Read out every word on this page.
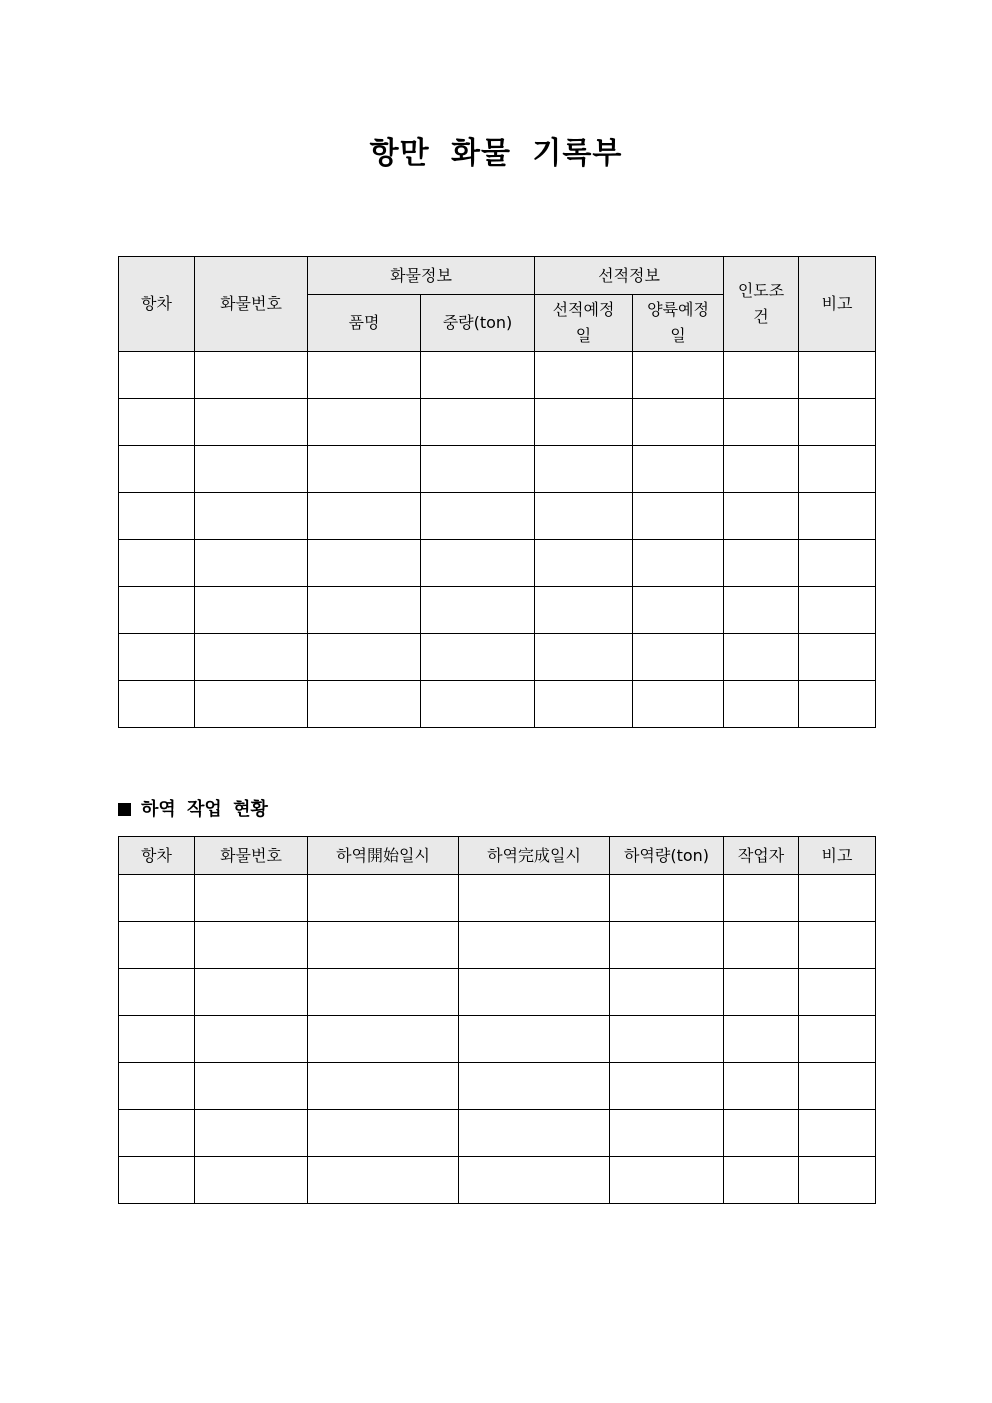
항만 화물 기록부
항차	화물번호	화물정보		선적정보		인도조건	비고
		품명	중량(ton)	선적예정일	양륙예정일		

하역 작업 현황
항차	화물번호	하역開始일시	하역完成일시	하역량(ton)	작업자	비고
